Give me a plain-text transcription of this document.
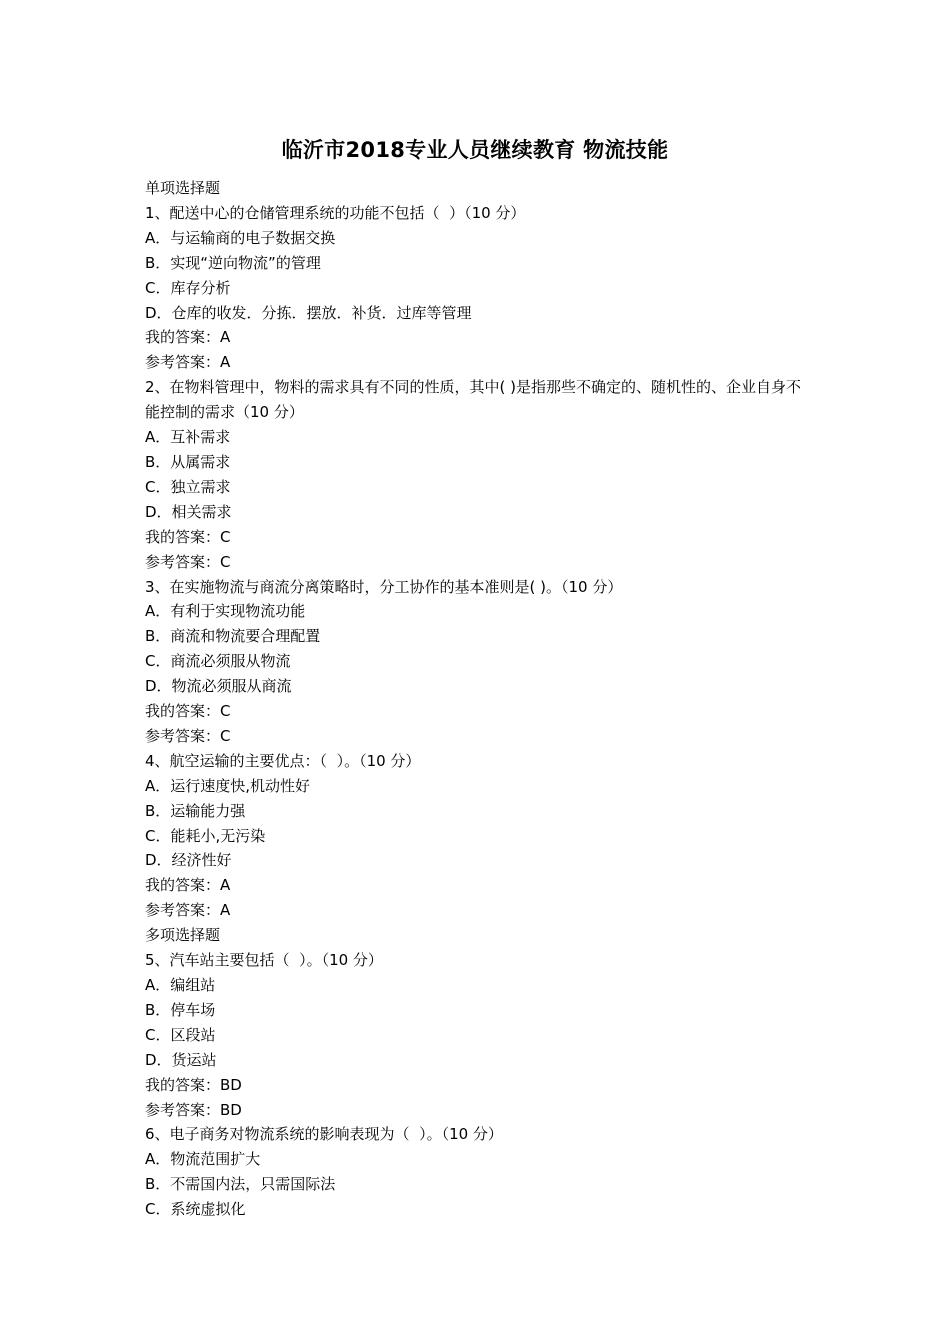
临沂市2018专业人员继续教育 物流技能

单项选择题

1、配送中心的仓储管理系统的功能不包括（  ）（10 分）

A．与运输商的电子数据交换

B．实现“逆向物流”的管理

C．库存分析

D．仓库的收发．分拣．摆放．补货．过库等管理

我的答案：A

参考答案：A

2、在物料管理中，物料的需求具有不同的性质，其中( )是指那些不确定的、随机性的、企业自身不能控制的需求（10 分）

A．互补需求

B．从属需求

C．独立需求

D．相关需求

我的答案：C

参考答案：C

3、在实施物流与商流分离策略时，分工协作的基本准则是( )。（10 分）

A．有利于实现物流功能

B．商流和物流要合理配置

C．商流必须服从物流

D．物流必须服从商流

我的答案：C

参考答案：C

4、航空运输的主要优点：（  ）。（10 分）

A．运行速度快,机动性好

B．运输能力强

C．能耗小,无污染

D．经济性好

我的答案：A

参考答案：A

多项选择题

5、汽车站主要包括（  ）。（10 分）

A．编组站

B．停车场

C．区段站

D．货运站

我的答案：BD

参考答案：BD

6、电子商务对物流系统的影响表现为（  ）。（10 分）

A．物流范围扩大

B．不需国内法，只需国际法

C．系统虚拟化
